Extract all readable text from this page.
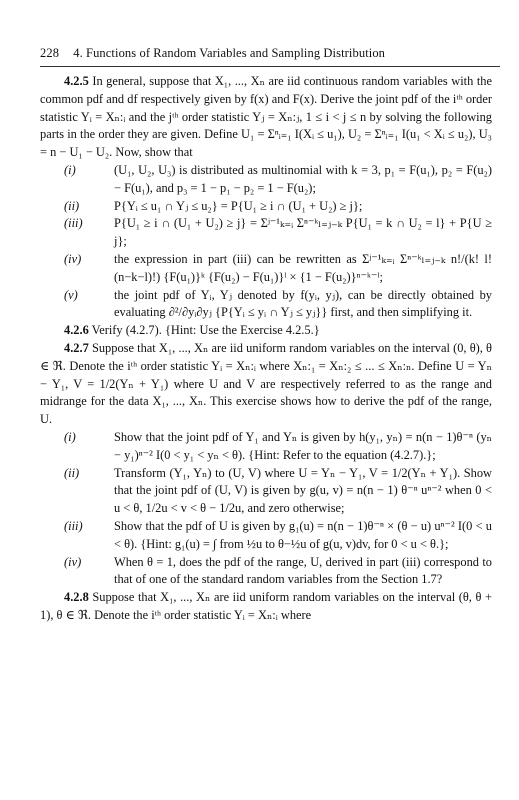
228 4. Functions of Random Variables and Sampling Distribution

4.2.5 In general, suppose that X₁, ..., Xₙ are iid continuous random variables with the common pdf and df respectively given by f(x) and F(x). Derive the joint pdf of the iᵗʰ order statistic Yᵢ = Xₙ:ᵢ and the jᵗʰ order statistic Yⱼ = Xₙ:ⱼ, 1 ≤ i < j ≤ n by solving the following parts in the order they are given. Define U₁ = Σⁿᵢ₌₁ I(Xᵢ ≤ u₁), U₂ = Σⁿᵢ₌₁ I(u₁ < Xᵢ ≤ u₂), U₃ = n − U₁ − U₂. Now, show that

(i)	(U₁, U₂, U₃) is distributed as multinomial with k = 3, p₁ = F(u₁), p₂ = F(u₂) − F(u₁), and p₃ = 1 − p₁ − p₂ = 1 − F(u₂);
(ii)	P{Yᵢ ≤ u₁ ∩ Yⱼ ≤ u₂} = P{U₁ ≥ i ∩ (U₁ + U₂) ≥ j};
(iii)	P{U₁ ≥ i ∩ (U₁ + U₂) ≥ j} = Σʲ⁻¹ₖ₌ᵢ Σⁿ⁻ᵏₗ₌ⱼ₋ₖ P{U₁ = k ∩ U₂ = l} + P{U ≥ j};
(iv)	the expression in part (iii) can be rewritten as Σʲ⁻¹ₖ₌ᵢ Σⁿ⁻ᵏₗ₌ⱼ₋ₖ n!/(k! l! (n−k−l)!) {F(u₁)}ᵏ {F(u₂) − F(u₁)}ˡ × {1 − F(u₂)}ⁿ⁻ᵏ⁻ˡ;
(v)	the joint pdf of Yᵢ, Yⱼ denoted by f(yᵢ, yⱼ), can be directly obtained by evaluating ∂²/∂yᵢ∂yⱼ {P{Yᵢ ≤ yᵢ ∩ Yⱼ ≤ yⱼ}} first, and then simplifying it.

4.2.6 Verify (4.2.7). {Hint: Use the Exercise 4.2.5.}

4.2.7 Suppose that X₁, ..., Xₙ are iid uniform random variables on the interval (0, θ), θ ∈ ℜ. Denote the iᵗʰ order statistic Yᵢ = Xₙ:ᵢ where Xₙ:₁ = Xₙ:₂ ≤ ... ≤ Xₙ:ₙ. Define U = Yₙ − Y₁, V = 1/2(Yₙ + Y₁) where U and V are respectively referred to as the range and midrange for the data X₁, ..., Xₙ. This exercise shows how to derive the pdf of the range, U.

(i)	Show that the joint pdf of Y₁ and Yₙ is given by h(y₁, yₙ) = n(n − 1)θ⁻ⁿ (yₙ − y₁)ⁿ⁻² I(0 < y₁ < yₙ < θ). {Hint: Refer to the equation (4.2.7).};
(ii)	Transform (Y₁, Yₙ) to (U, V) where U = Yₙ − Y₁, V = 1/2(Yₙ + Y₁). Show that the joint pdf of (U, V) is given by g(u, v) = n(n − 1) θ⁻ⁿ uⁿ⁻² when 0 < u < θ, 1/2u < v < θ − 1/2u, and zero otherwise;
(iii)	Show that the pdf of U is given by g₁(u) = n(n − 1)θ⁻ⁿ × (θ − u) uⁿ⁻² I(0 < u < θ). {Hint: g₁(u) = ∫ from ½u to θ−½u of g(u, v)dv, for 0 < u < θ.};
(iv)	When θ = 1, does the pdf of the range, U, derived in part (iii) correspond to that of one of the standard random variables from the Section 1.7?

4.2.8 Suppose that X₁, ..., Xₙ are iid uniform random variables on the interval (θ, θ + 1), θ ∈ ℜ. Denote the iᵗʰ order statistic Yᵢ = Xₙ:ᵢ where
